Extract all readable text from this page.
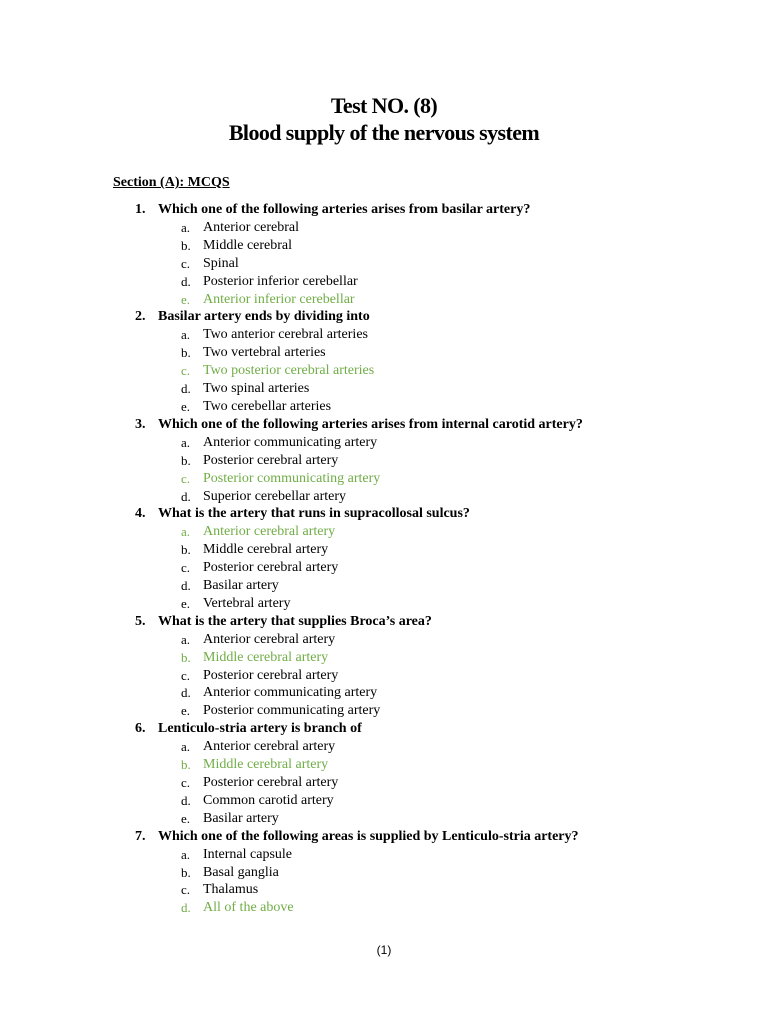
Test NO. (8)
Blood supply of the nervous system
Section (A): MCQS
1. Which one of the following arteries arises from basilar artery?
a. Anterior cerebral
b. Middle cerebral
c. Spinal
d. Posterior inferior cerebellar
e. Anterior inferior cerebellar
2. Basilar artery ends by dividing into
a. Two anterior cerebral arteries
b. Two vertebral arteries
c. Two posterior cerebral arteries
d. Two spinal arteries
e. Two cerebellar arteries
3. Which one of the following arteries arises from internal carotid artery?
a. Anterior communicating artery
b. Posterior cerebral artery
c. Posterior communicating artery
d. Superior cerebellar artery
4. What is the artery that runs in supracollosal sulcus?
a. Anterior cerebral artery
b. Middle cerebral artery
c. Posterior cerebral artery
d. Basilar artery
e. Vertebral artery
5. What is the artery that supplies Broca’s area?
a. Anterior cerebral artery
b. Middle cerebral artery
c. Posterior cerebral artery
d. Anterior communicating artery
e. Posterior communicating artery
6. Lenticulo-stria artery is branch of
a. Anterior cerebral artery
b. Middle cerebral artery
c. Posterior cerebral artery
d. Common carotid artery
e. Basilar artery
7. Which one of the following areas is supplied by Lenticulo-stria artery?
a. Internal capsule
b. Basal ganglia
c. Thalamus
d. All of the above
(1)
